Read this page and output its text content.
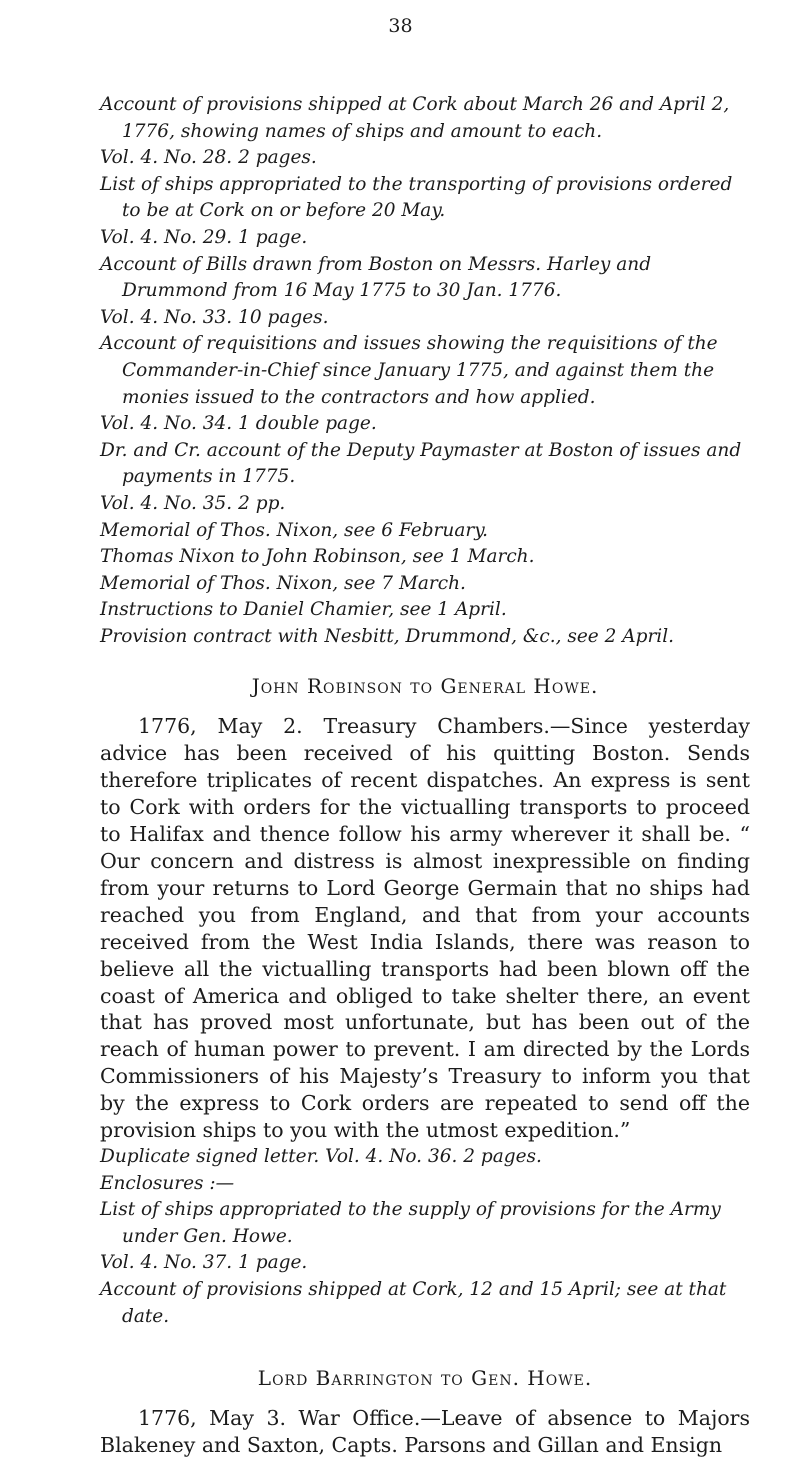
38

Account of provisions shipped at Cork about March 26 and April 2, 1776, showing names of ships and amount to each.

Vol. 4. No. 28. 2 pages.

List of ships appropriated to the transporting of provisions ordered to be at Cork on or before 20 May.

Vol. 4. No. 29. 1 page.

Account of Bills drawn from Boston on Messrs. Harley and Drummond from 16 May 1775 to 30 Jan. 1776.

Vol. 4. No. 33. 10 pages.

Account of requisitions and issues showing the requisitions of the Commander-in-Chief since January 1775, and against them the monies issued to the contractors and how applied.

Vol. 4. No. 34. 1 double page.

Dr. and Cr. account of the Deputy Paymaster at Boston of issues and payments in 1775.

Vol. 4. No. 35. 2 pp.

Memorial of Thos. Nixon, see 6 February.

Thomas Nixon to John Robinson, see 1 March.

Memorial of Thos. Nixon, see 7 March.

Instructions to Daniel Chamier, see 1 April.

Provision contract with Nesbitt, Drummond, &c., see 2 April.

John Robinson to General Howe.

1776, May 2. Treasury Chambers.—Since yesterday advice has been received of his quitting Boston. Sends therefore triplicates of recent dispatches. An express is sent to Cork with orders for the victualling transports to proceed to Halifax and thence follow his army wherever it shall be. “ Our concern and distress is almost inexpressible on finding from your returns to Lord George Germain that no ships had reached you from England, and that from your accounts received from the West India Islands, there was reason to believe all the victualling transports had been blown off the coast of America and obliged to take shelter there, an event that has proved most unfortunate, but has been out of the reach of human power to prevent. I am directed by the Lords Commissioners of his Majesty’s Treasury to inform you that by the express to Cork orders are repeated to send off the provision ships to you with the utmost expedition.”

Duplicate signed letter. Vol. 4. No. 36. 2 pages.

Enclosures :—

List of ships appropriated to the supply of provisions for the Army under Gen. Howe.

Vol. 4. No. 37. 1 page.

Account of provisions shipped at Cork, 12 and 15 April; see at that date.

Lord Barrington to Gen. Howe.

1776, May 3. War Office.—Leave of absence to Majors Blakeney and Saxton, Capts. Parsons and Gillan and Ensign
